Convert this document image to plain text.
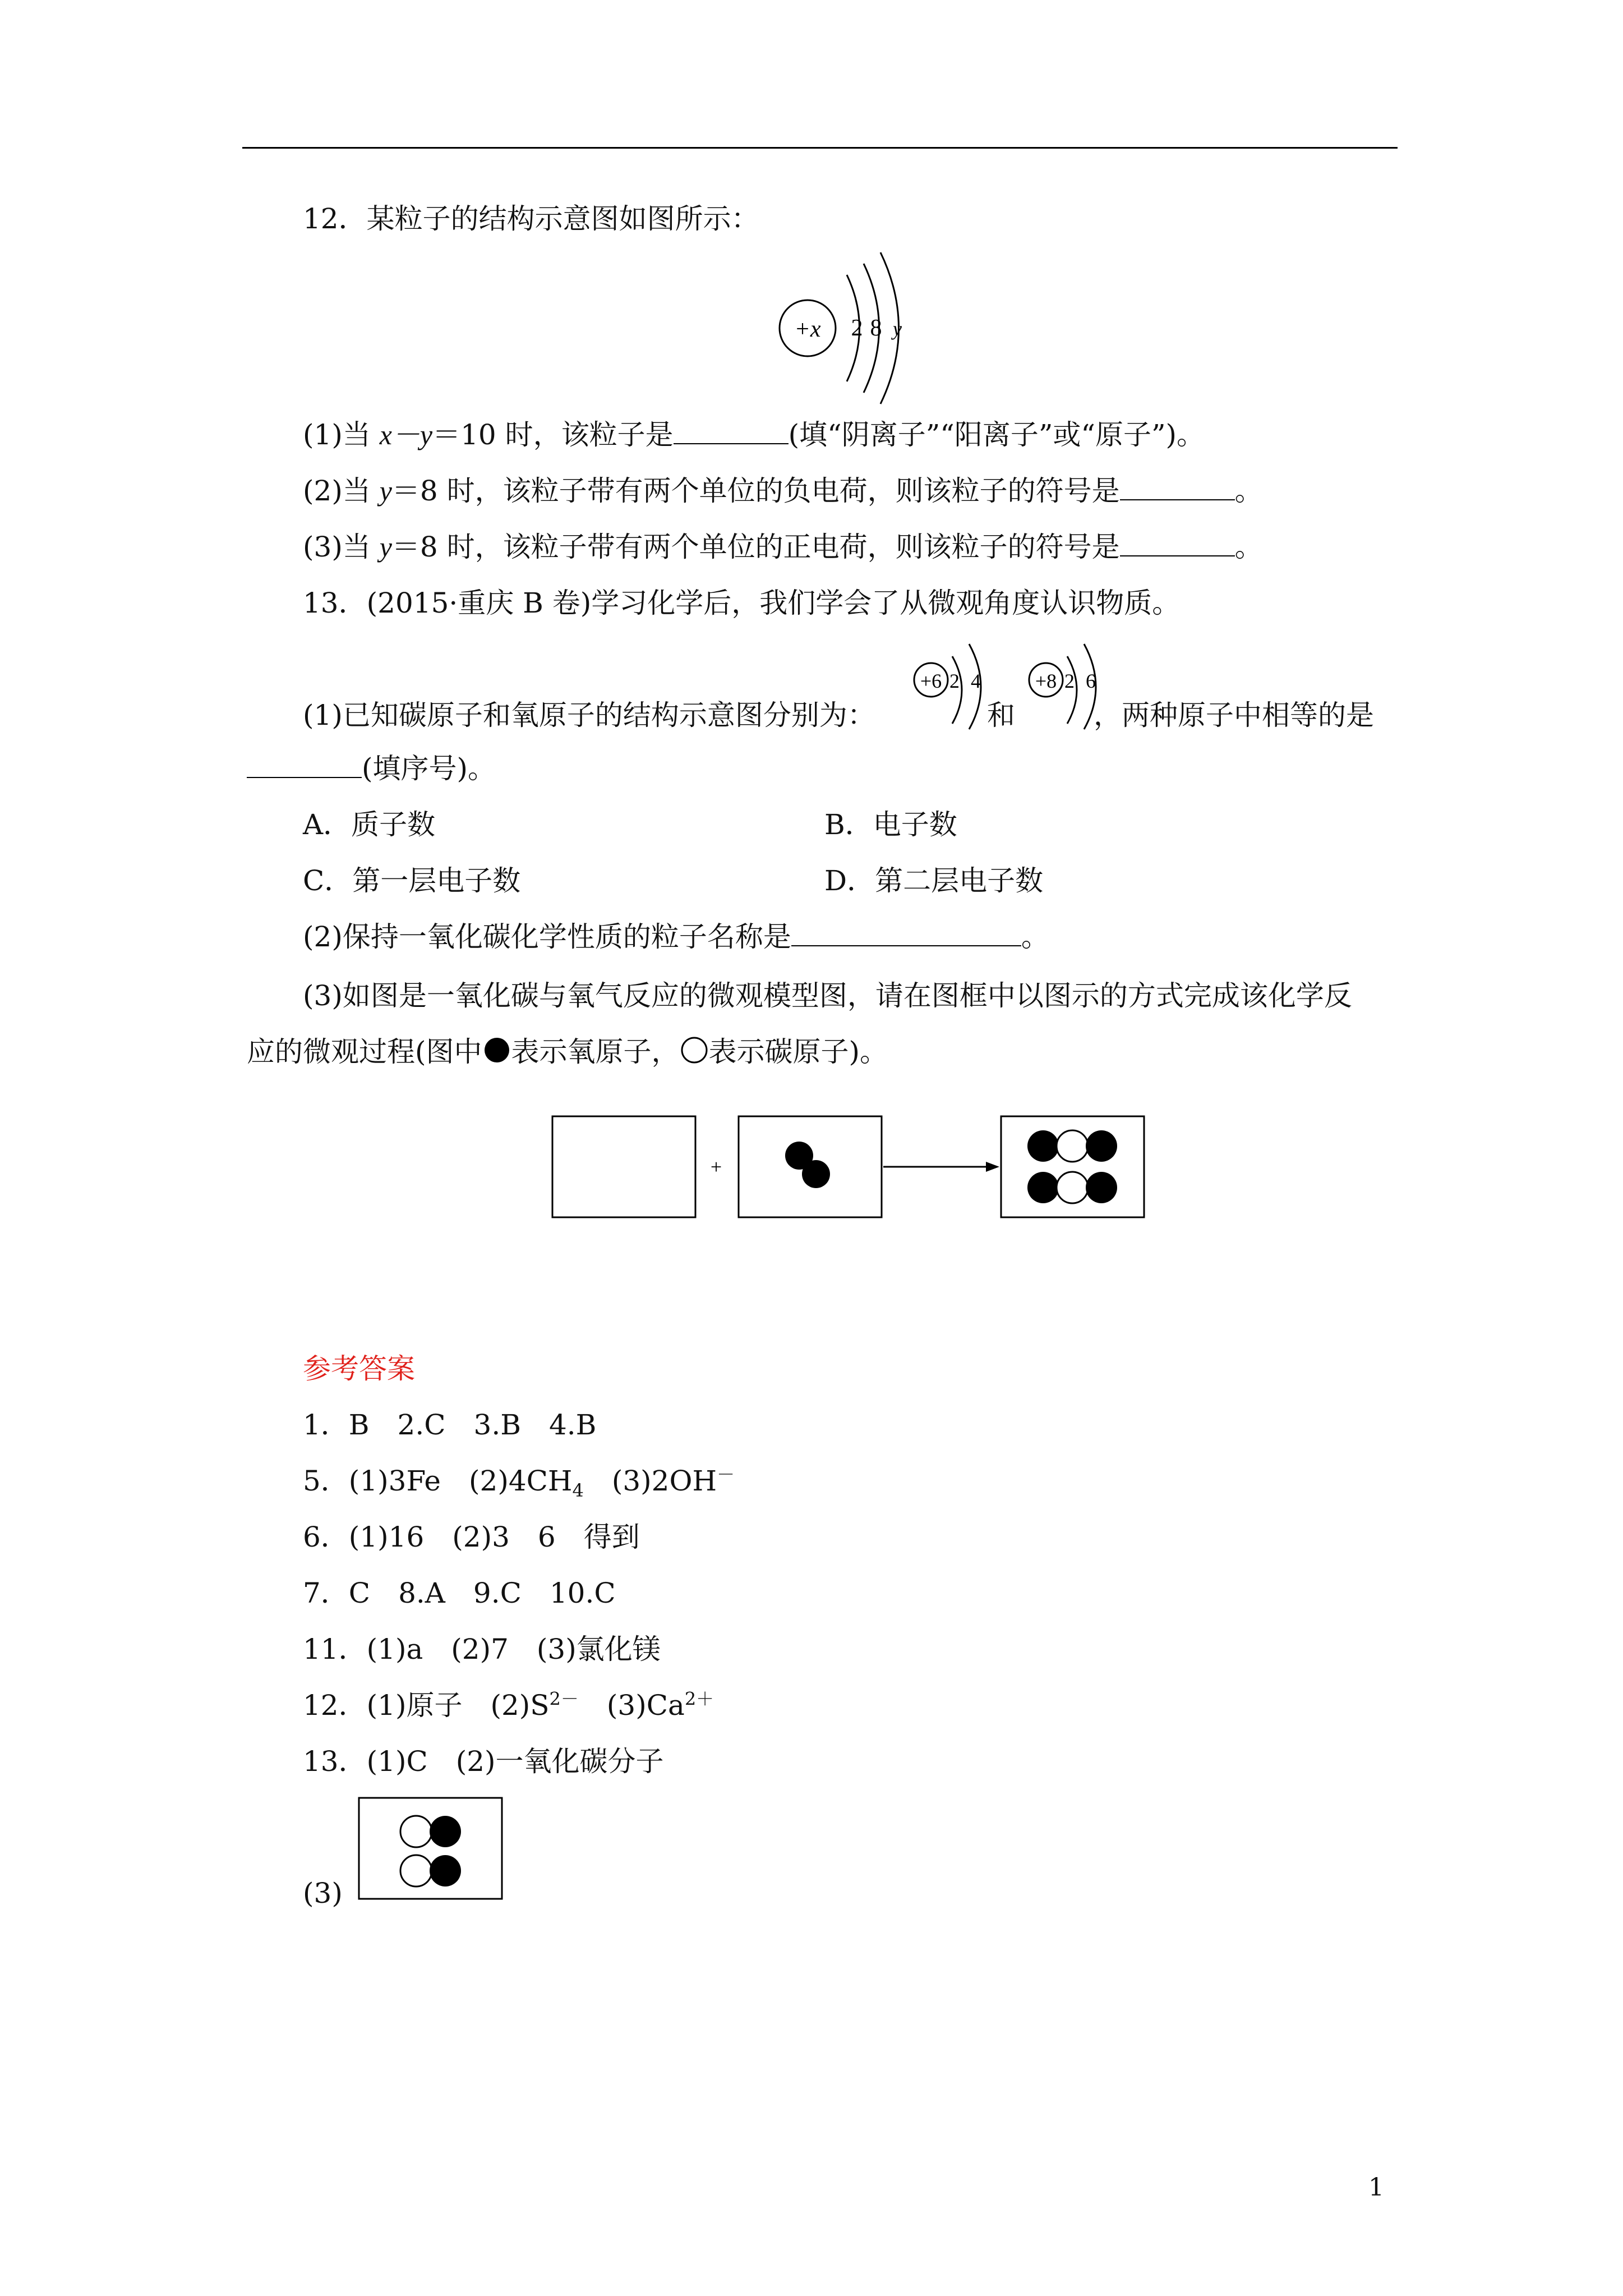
12．某粒子的结构示意图如图所示：
+x 2 8 y
(1)当 x－y＝10 时，该粒子是	(填“阴离子”“阳离子”或“原子”)。
(2)当 y＝8 时，该粒子带有两个单位的负电荷，则该粒子的符号是	。
(3)当 y＝8 时，该粒子带有两个单位的正电荷，则该粒子的符号是	。
13．(2015·重庆 B 卷)学习化学后，我们学会了从微观角度认识物质。
(1)已知碳原子和氧原子的结构示意图分别为：
+6 2 4
和
+8 2 6
，两种原子中相等的是
(填序号)。
A．质子数	B．电子数
C．第一层电子数	D．第二层电子数
(2)保持一氧化碳化学性质的粒子名称是	。
(3)如图是一氧化碳与氧气反应的微观模型图，请在图框中以图示的方式完成该化学反
应的微观过程(图中 表示氧原子， 表示碳原子)。
+
参考答案
1．B　2.C　3.B　4.B
5．(1)3Fe　$(2)4CH_4$　(3)2OH－
6．(1)16　(2)3　6　得到
7．C　8.A　9.C　10.C
11．(1)a　(2)7　(3)氯化镁
12．(1)原子　$(2)S^{2-}$　$(3)Ca^{2+}$
13．(1)C　(2)一氧化碳分子
(3)
1
